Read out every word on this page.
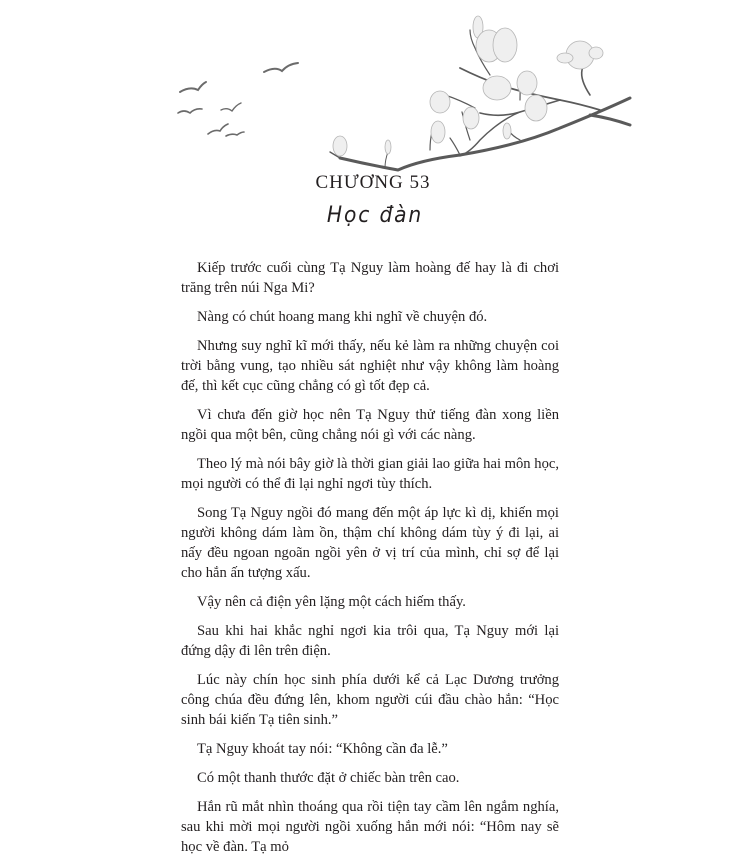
CHƯƠNG 53
Học đàn

Kiếp trước cuối cùng Tạ Nguy làm hoàng đế hay là đi chơi trăng trên núi Nga Mi?

Nàng có chút hoang mang khi nghĩ về chuyện đó.

Nhưng suy nghĩ kĩ mới thấy, nếu kẻ làm ra những chuyện coi trời bằng vung, tạo nhiều sát nghiệt như vậy không làm hoàng đế, thì kết cục cũng chẳng có gì tốt đẹp cả.

Vì chưa đến giờ học nên Tạ Nguy thử tiếng đàn xong liền ngồi qua một bên, cũng chẳng nói gì với các nàng.

Theo lý mà nói bây giờ là thời gian giải lao giữa hai môn học, mọi người có thể đi lại nghỉ ngơi tùy thích.

Song Tạ Nguy ngồi đó mang đến một áp lực kì dị, khiến mọi người không dám làm ồn, thậm chí không dám tùy ý đi lại, ai nấy đều ngoan ngoãn ngồi yên ở vị trí của mình, chỉ sợ để lại cho hắn ấn tượng xấu.

Vậy nên cả điện yên lặng một cách hiếm thấy.

Sau khi hai khắc nghỉ ngơi kia trôi qua, Tạ Nguy mới lại đứng dậy đi lên trên điện.

Lúc này chín học sinh phía dưới kể cả Lạc Dương trưởng công chúa đều đứng lên, khom người cúi đầu chào hắn: “Học sinh bái kiến Tạ tiên sinh.”

Tạ Nguy khoát tay nói: “Không cần đa lễ.”

Có một thanh thước đặt ở chiếc bàn trên cao.

Hắn rũ mắt nhìn thoáng qua rồi tiện tay cầm lên ngắm nghía, sau khi mời mọi người ngồi xuống hắn mới nói: “Hôm nay sẽ học về đàn. Tạ mỏ
